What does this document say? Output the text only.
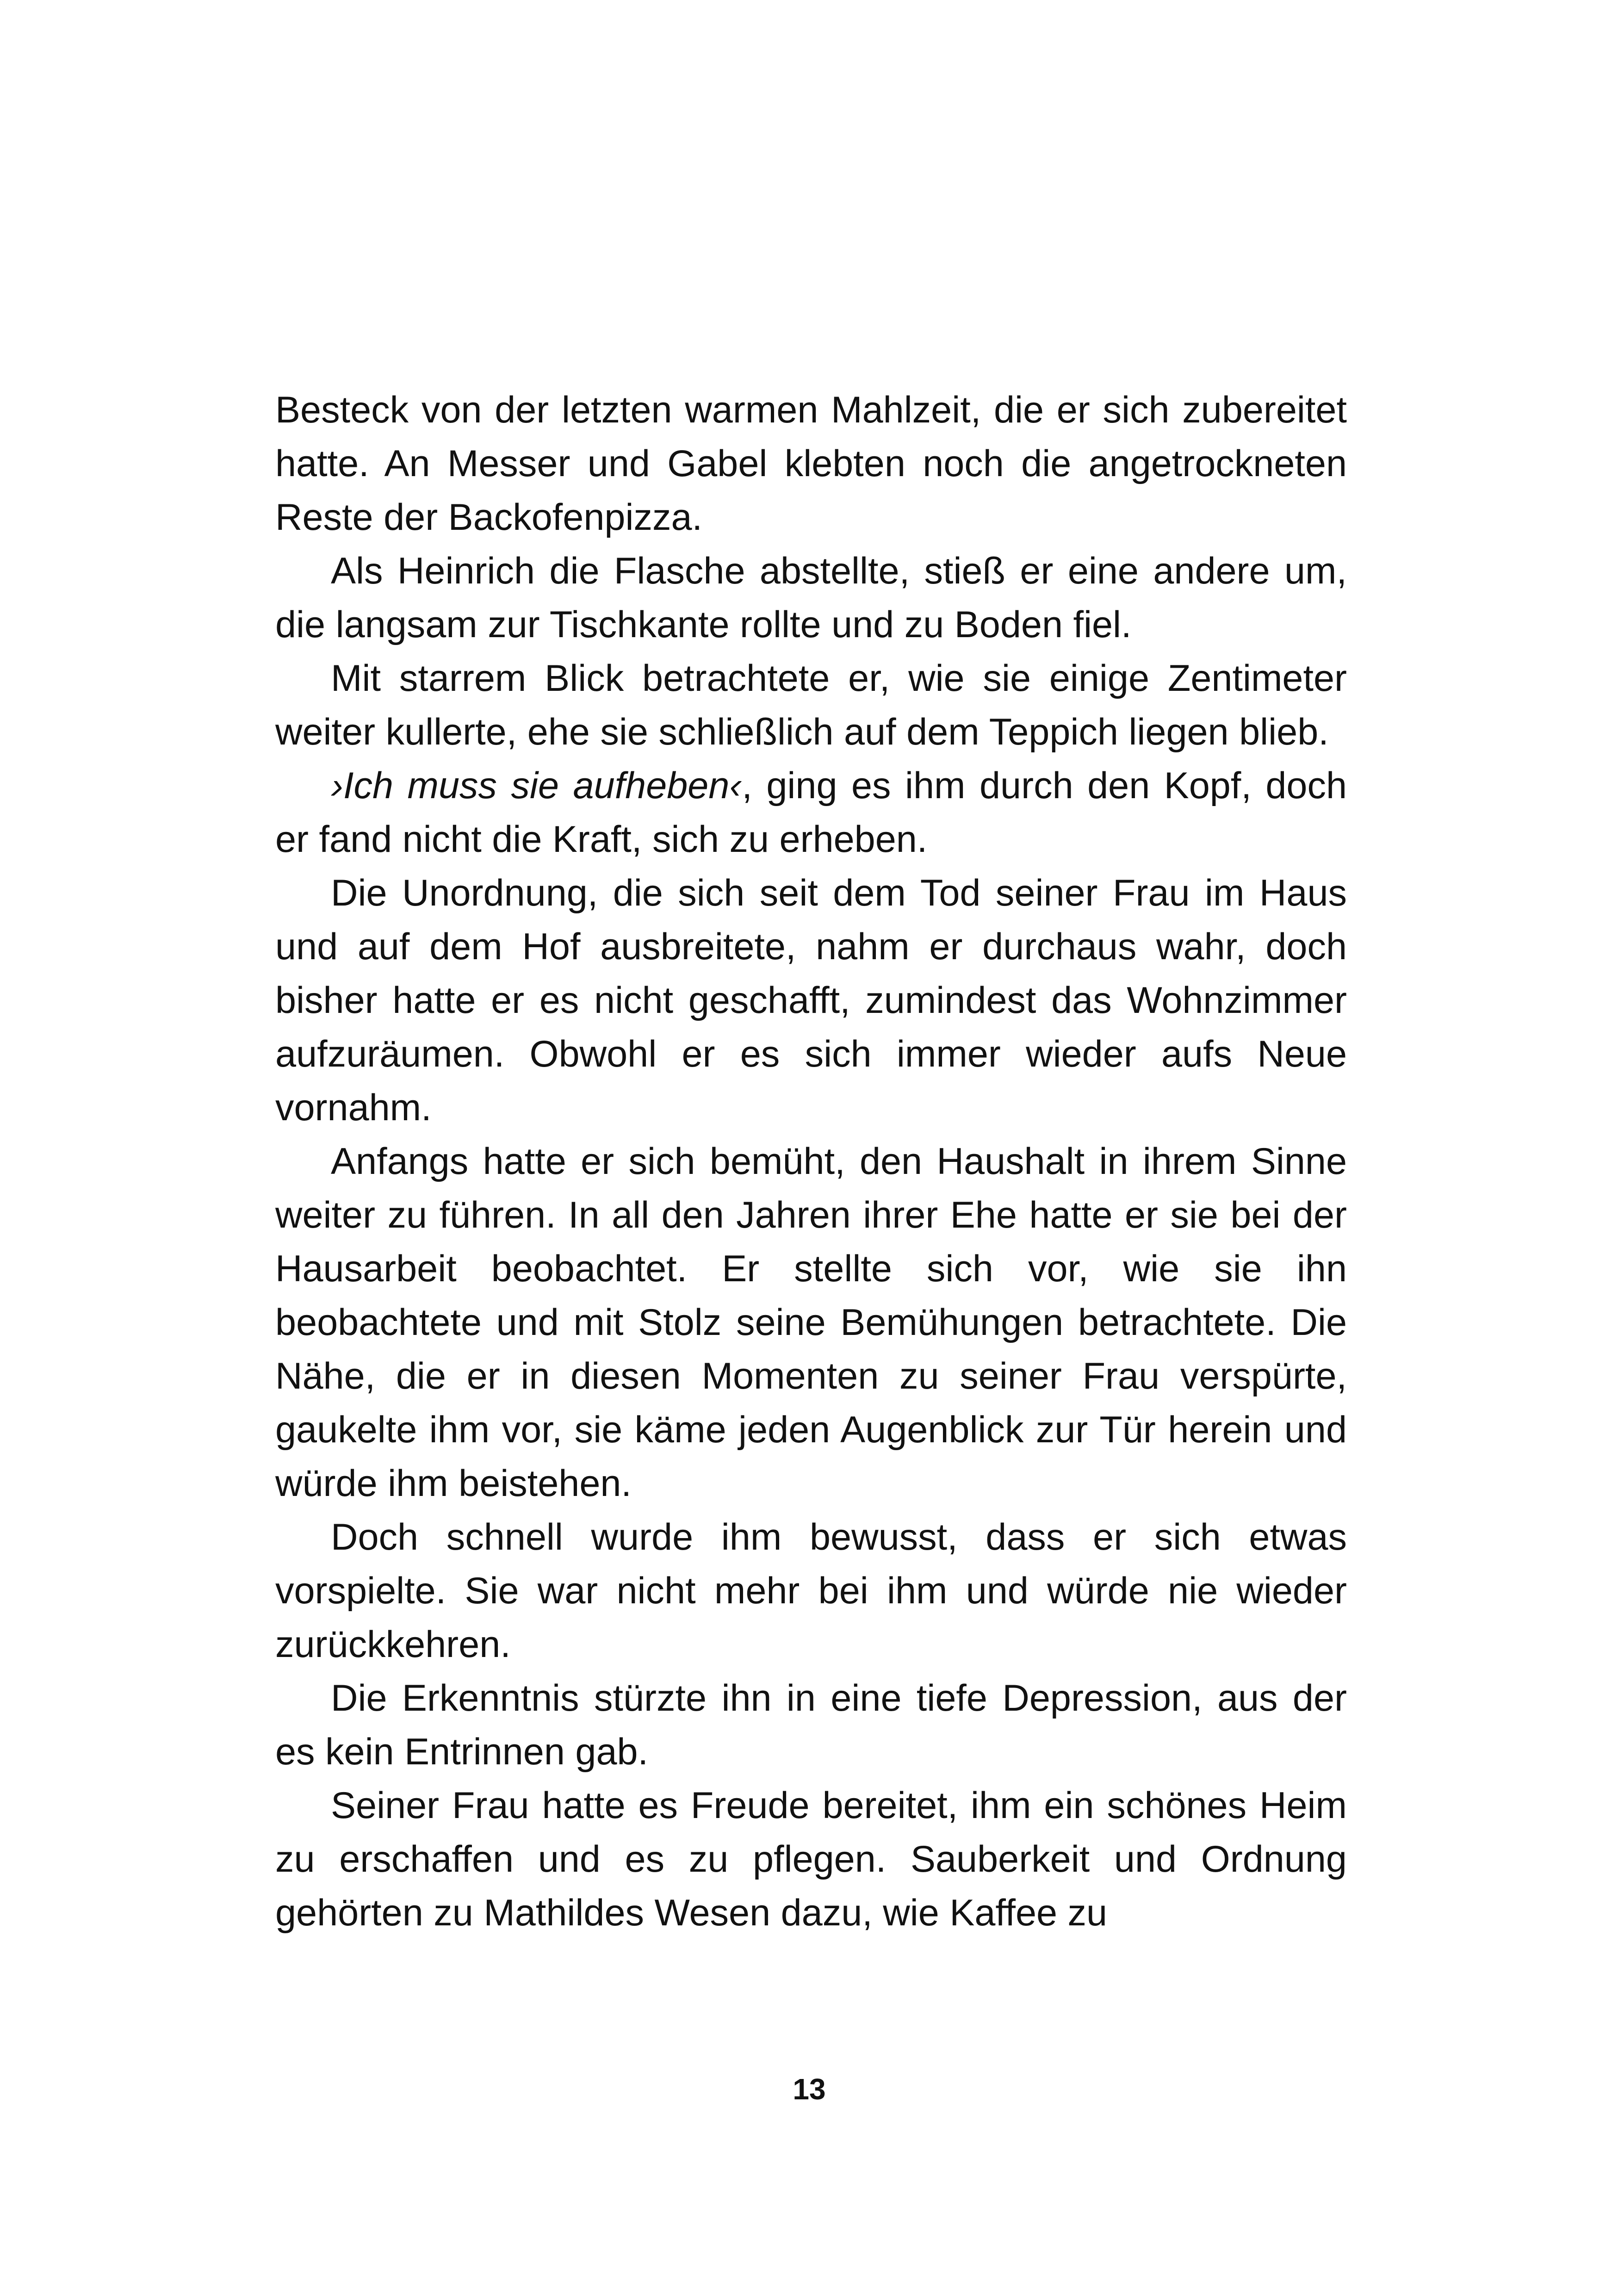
Besteck von der letzten warmen Mahlzeit, die er sich zubereitet hatte. An Messer und Gabel klebten noch die angetrockneten Reste der Backofenpizza.

Als Heinrich die Flasche abstellte, stieß er eine andere um, die langsam zur Tischkante rollte und zu Boden fiel.

Mit starrem Blick betrachtete er, wie sie einige Zentimeter weiter kullerte, ehe sie schließlich auf dem Teppich liegen blieb.

›Ich muss sie aufheben‹, ging es ihm durch den Kopf, doch er fand nicht die Kraft, sich zu erheben.

Die Unordnung, die sich seit dem Tod seiner Frau im Haus und auf dem Hof ausbreitete, nahm er durchaus wahr, doch bisher hatte er es nicht geschafft, zumindest das Wohnzimmer aufzuräumen. Obwohl er es sich immer wieder aufs Neue vornahm.

Anfangs hatte er sich bemüht, den Haushalt in ihrem Sinne weiter zu führen. In all den Jahren ihrer Ehe hatte er sie bei der Hausarbeit beobachtet. Er stellte sich vor, wie sie ihn beobachtete und mit Stolz seine Bemühungen betrachtete. Die Nähe, die er in diesen Momenten zu seiner Frau verspürte, gaukelte ihm vor, sie käme jeden Augenblick zur Tür herein und würde ihm beistehen.

Doch schnell wurde ihm bewusst, dass er sich etwas vorspielte. Sie war nicht mehr bei ihm und würde nie wieder zurückkehren.

Die Erkenntnis stürzte ihn in eine tiefe Depression, aus der es kein Entrinnen gab.

Seiner Frau hatte es Freude bereitet, ihm ein schönes Heim zu erschaffen und es zu pflegen. Sauberkeit und Ordnung gehörten zu Mathildes Wesen dazu, wie Kaffee zu

13
